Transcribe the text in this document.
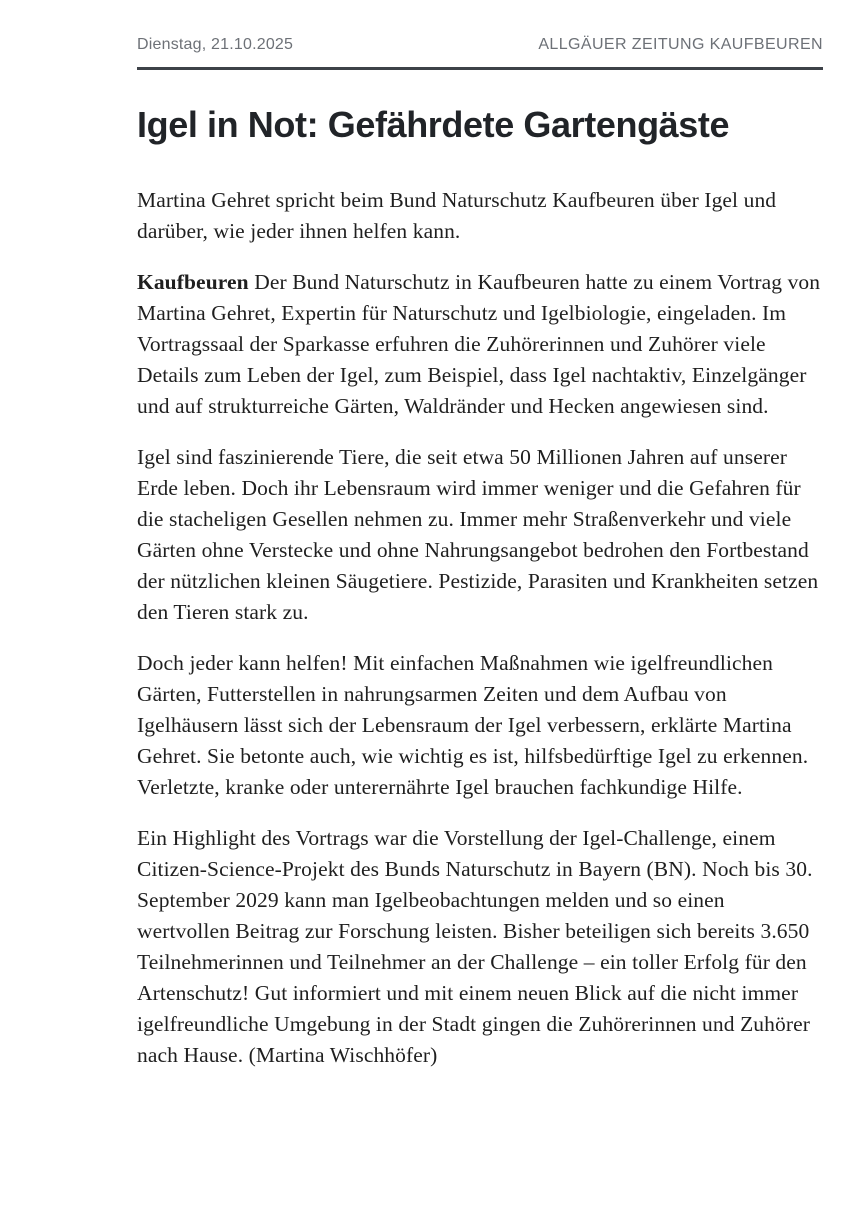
Dienstag, 21.10.2025	ALLGÄUER ZEITUNG KAUFBEUREN
Igel in Not: Gefährdete Gartengäste

Martina Gehret spricht beim Bund Naturschutz Kaufbeuren über Igel und darüber, wie jeder ihnen helfen kann.

Kaufbeuren Der Bund Naturschutz in Kaufbeuren hatte zu einem Vortrag von Martina Gehret, Expertin für Naturschutz und Igelbiologie, eingeladen. Im Vortragssaal der Sparkasse erfuhren die Zuhörerinnen und Zuhörer viele Details zum Leben der Igel, zum Beispiel, dass Igel nachtaktiv, Einzelgänger und auf strukturreiche Gärten, Waldränder und Hecken angewiesen sind.

Igel sind faszinierende Tiere, die seit etwa 50 Millionen Jahren auf unserer Erde leben. Doch ihr Lebensraum wird immer weniger und die Gefahren für die stacheligen Gesellen nehmen zu. Immer mehr Straßenverkehr und viele Gärten ohne Verstecke und ohne Nahrungsangebot bedrohen den Fortbestand der nützlichen kleinen Säugetiere. Pestizide, Parasiten und Krankheiten setzen den Tieren stark zu.

Doch jeder kann helfen! Mit einfachen Maßnahmen wie igelfreundlichen Gärten, Futterstellen in nahrungsarmen Zeiten und dem Aufbau von Igelhäusern lässt sich der Lebensraum der Igel verbessern, erklärte Martina Gehret. Sie betonte auch, wie wichtig es ist, hilfsbedürftige Igel zu erkennen. Verletzte, kranke oder unterernährte Igel brauchen fachkundige Hilfe.

Ein Highlight des Vortrags war die Vorstellung der Igel-Challenge, einem Citizen-Science-Projekt des Bunds Naturschutz in Bayern (BN). Noch bis 30. September 2029 kann man Igelbeobachtungen melden und so einen wertvollen Beitrag zur Forschung leisten. Bisher beteiligen sich bereits 3.650 Teilnehmerinnen und Teilnehmer an der Challenge – ein toller Erfolg für den Artenschutz! Gut informiert und mit einem neuen Blick auf die nicht immer igelfreundliche Umgebung in der Stadt gingen die Zuhörerinnen und Zuhörer nach Hause. (Martina Wischhöfer)
